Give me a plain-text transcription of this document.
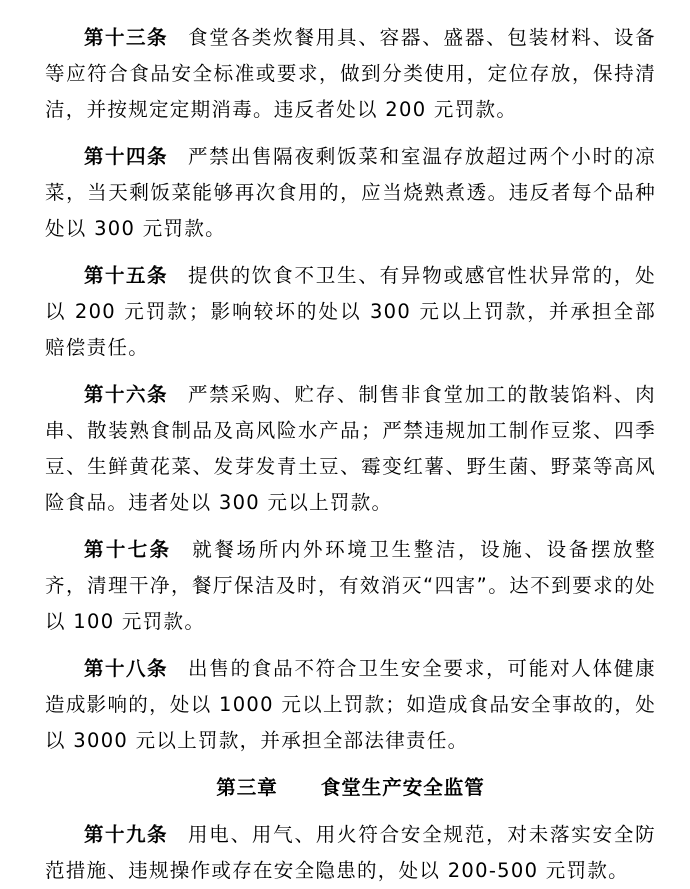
第十三条 食堂各类炊餐用具、容器、盛器、包装材料、设备等应符合食品安全标准或要求，做到分类使用，定位存放，保持清洁，并按规定定期消毒。违反者处以 200 元罚款。

第十四条 严禁出售隔夜剩饭菜和室温存放超过两个小时的凉菜，当天剩饭菜能够再次食用的，应当烧熟煮透。违反者每个品种处以 300 元罚款。

第十五条 提供的饮食不卫生、有异物或感官性状异常的，处以 200 元罚款；影响较坏的处以 300 元以上罚款，并承担全部赔偿责任。

第十六条 严禁采购、贮存、制售非食堂加工的散装馅料、肉串、散装熟食制品及高风险水产品；严禁违规加工制作豆浆、四季豆、生鲜黄花菜、发芽发青土豆、霉变红薯、野生菌、野菜等高风险食品。违者处以 300 元以上罚款。

第十七条 就餐场所内外环境卫生整洁，设施、设备摆放整齐，清理干净，餐厅保洁及时，有效消灭“四害”。达不到要求的处以 100 元罚款。

第十八条 出售的食品不符合卫生安全要求，可能对人体健康造成影响的，处以 1000 元以上罚款；如造成食品安全事故的，处以 3000 元以上罚款，并承担全部法律责任。

第三章 食堂生产安全监管

第十九条 用电、用气、用火符合安全规范，对未落实安全防范措施、违规操作或存在安全隐患的，处以 200-500 元罚款。
